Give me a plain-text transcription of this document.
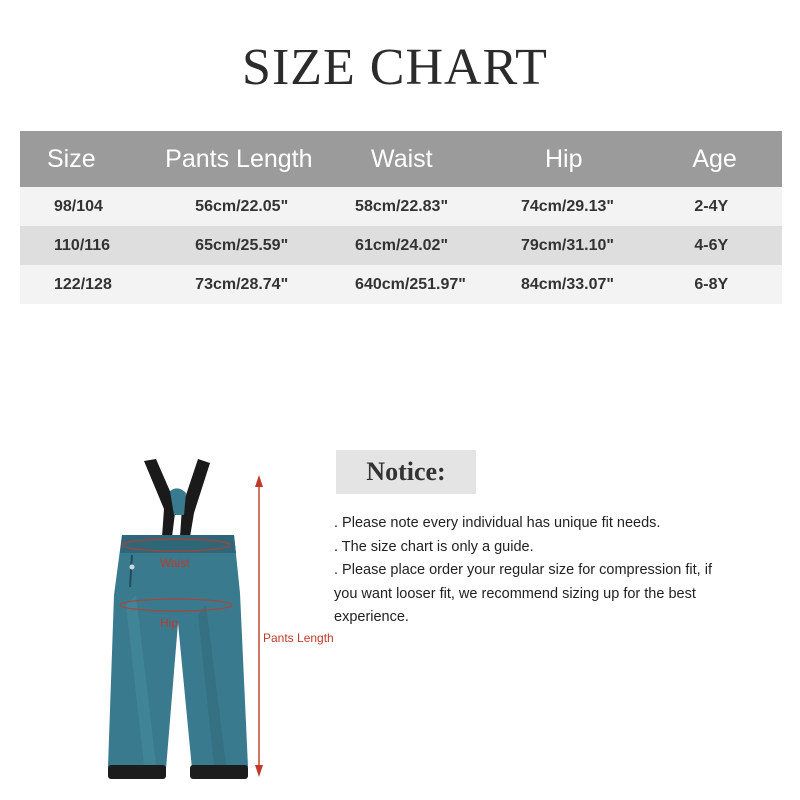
SIZE CHART
Size	Pants Length	Waist	Hip	Age
98/104	56cm/22.05"	58cm/22.83"	74cm/29.13"	2-4Y
110/116	65cm/25.59"	61cm/24.02"	79cm/31.10"	4-6Y
122/128	73cm/28.74"	640cm/251.97"	84cm/33.07"	6-8Y
Waist
Hip
Pants Length
Notice:
. Please note every individual has unique fit needs.
. The size chart is only a guide.
. Please place order your regular size for compression fit, if
you want looser fit, we recommend sizing up for the best
experience.
